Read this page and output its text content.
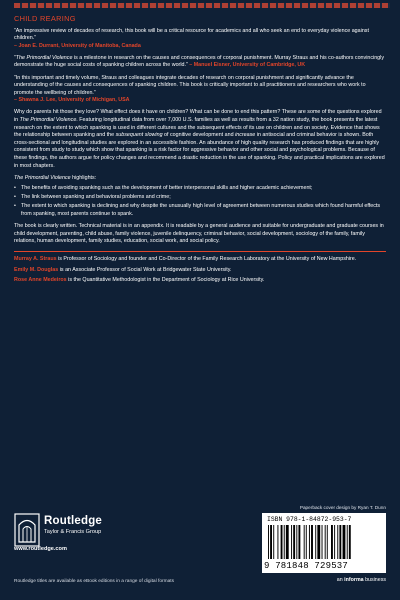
CHILD REARING
“An impressive review of decades of research, this book will be a critical resource for academics and all who seek an end to everyday violence against children.”
– Joan E. Durrant, University of Manitoba, Canada
“The Primordial Violence is a milestone in research on the causes and consequences of corporal punishment. Murray Straus and his co-authors convincingly demonstrate the huge social costs of spanking children across the world.” – Manuel Eisner, University of Cambridge, UK
“In this important and timely volume, Straus and colleagues integrate decades of research on corporal punishment and significantly advance the understanding of the causes and consequences of spanking children. This book is critically important to all practitioners and researchers who work to promote the wellbeing of children.”
– Shawna J. Lee, University of Michigan, USA
Why do parents hit those they love? What effect does it have on children? What can be done to end this pattern? These are some of the questions explored in The Primordial Violence. Featuring longitudinal data from over 7,000 U.S. families as well as results from a 32 nation study, the book presents the latest research on the extent to which spanking is used in different cultures and the subsequent effects of its use on children and on society. Evidence that shows the relationship between spanking and the subsequent slowing of cognitive development and increase in antisocial and criminal behavior is shown. Both cross-sectional and longitudinal studies are explored in an accessible fashion. An abundance of high quality research has produced findings that are highly consistent from study to study which show that spanking is a risk factor for aggressive behavior and other social and psychological problems. Because of these findings, the authors argue for policy changes and recommend a drastic reduction in the use of spanking. Policy and practical implications are explored in most chapters.
The Primordial Violence highlights:
• The benefits of avoiding spanking such as the development of better interpersonal skills and higher academic achievement;
• The link between spanking and behavioral problems and crime;
• The extent to which spanking is declining and why despite the unusually high level of agreement between numerous studies which found harmful effects from spanking, most parents continue to spank.
The book is clearly written. Technical material is in an appendix. It is readable by a general audience and suitable for undergraduate and graduate courses in child development, parenting, child abuse, family violence, juvenile delinquency, criminal behavior, social development, sociology of the family, family relations, human development, family studies, education, social work, and social policy.
Murray A. Straus is Professor of Sociology and founder and Co-Director of the Family Research Laboratory at the University of New Hampshire.
Emily M. Douglas is an Associate Professor of Social Work at Bridgewater State University.
Rose Anne Medeiros is the Quantitative Methodologist in the Department of Sociology at Rice University.
Routledge
Taylor & Francis Group
www.routledge.com
Routledge titles are available as eBook editions in a range of digital formats
Paperback cover design by Ryan T. Dunn
ISBN 978-1-84872-953-7
9 781848 729537
an informa business
